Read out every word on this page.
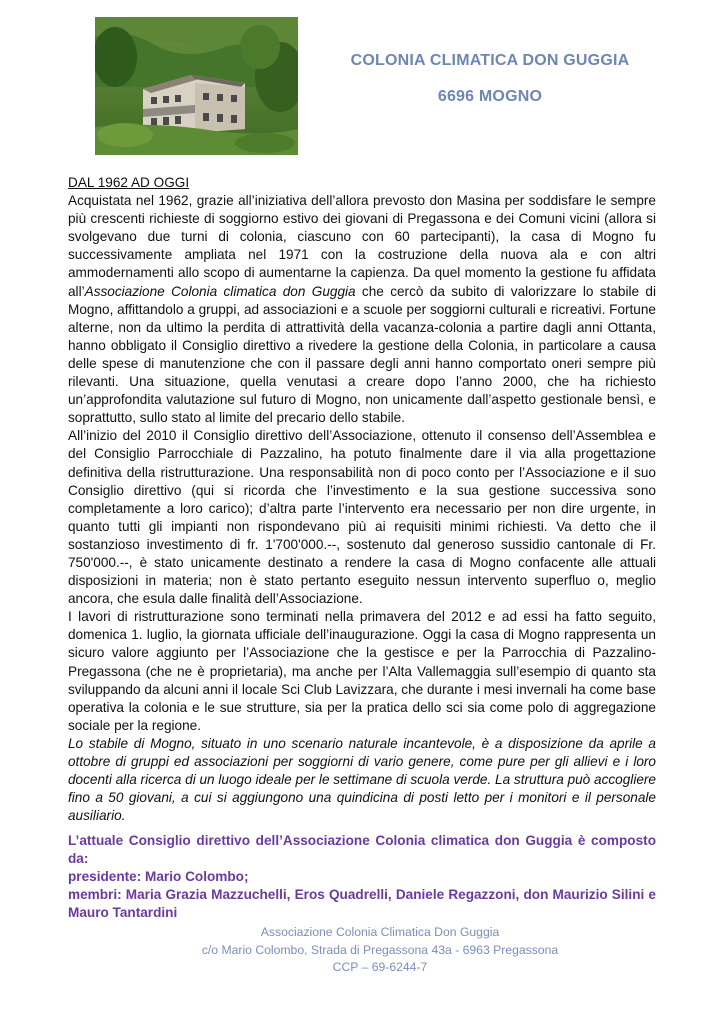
COLONIA CLIMATICA DON GUGGIA
6696 MOGNO

DAL 1962 AD OGGI

Acquistata nel 1962, grazie all’iniziativa dell’allora prevosto don Masina per soddisfare le sempre più crescenti richieste di soggiorno estivo dei giovani di Pregassona e dei Comuni vicini (allora si svolgevano due turni di colonia, ciascuno con 60 partecipanti), la casa di Mogno fu successivamente ampliata nel 1971 con la costruzione della nuova ala e con altri ammodernamenti allo scopo di aumentarne la capienza. Da quel momento la gestione fu affidata all’Associazione Colonia climatica don Guggia che cercò da subito di valorizzare lo stabile di Mogno, affittandolo a gruppi, ad associazioni e a scuole per soggiorni culturali e ricreativi. Fortune alterne, non da ultimo la perdita di attrattività della vacanza-colonia a partire dagli anni Ottanta, hanno obbligato il Consiglio direttivo a rivedere la gestione della Colonia, in particolare a causa delle spese di manutenzione che con il passare degli anni hanno comportato oneri sempre più rilevanti. Una situazione, quella venutasi a creare dopo l’anno 2000, che ha richiesto un’approfondita valutazione sul futuro di Mogno, non unicamente dall’aspetto gestionale bensì, e soprattutto, sullo stato al limite del precario dello stabile.

All’inizio del 2010 il Consiglio direttivo dell’Associazione, ottenuto il consenso dell’Assemblea e del Consiglio Parrocchiale di Pazzalino, ha potuto finalmente dare il via alla progettazione definitiva della ristrutturazione. Una responsabilità non di poco conto per l’Associazione e il suo Consiglio direttivo (qui si ricorda che l’investimento e la sua gestione successiva sono completamente a loro carico); d’altra parte l’intervento era necessario per non dire urgente, in quanto tutti gli impianti non rispondevano più ai requisiti minimi richiesti. Va detto che il sostanzioso investimento di fr. 1'700'000.--, sostenuto dal generoso sussidio cantonale di Fr. 750'000.--, è stato unicamente destinato a rendere la casa di Mogno confacente alle attuali disposizioni in materia; non è stato pertanto eseguito nessun intervento superfluo o, meglio ancora, che esula dalle finalità dell’Associazione.

I lavori di ristrutturazione sono terminati nella primavera del 2012 e ad essi ha fatto seguito, domenica 1. luglio, la giornata ufficiale dell’inaugurazione. Oggi la casa di Mogno rappresenta un sicuro valore aggiunto per l’Associazione che la gestisce e per la Parrocchia di Pazzalino-Pregassona (che ne è proprietaria), ma anche per l’Alta Vallemaggia sull’esempio di quanto sta sviluppando da alcuni anni il locale Sci Club Lavizzara, che durante i mesi invernali ha come base operativa la colonia e le sue strutture, sia per la pratica dello sci sia come polo di aggregazione sociale per la regione.

Lo stabile di Mogno, situato in uno scenario naturale incantevole, è a disposizione da aprile a ottobre di gruppi ed associazioni per soggiorni di vario genere, come pure per gli allievi e i loro docenti alla ricerca di un luogo ideale per le settimane di scuola verde. La struttura può accogliere fino a 50 giovani, a cui si aggiungono una quindicina di posti letto per i monitori e il personale ausiliario.

L’attuale Consiglio direttivo dell’Associazione Colonia climatica don Guggia è composto da:

presidente: Mario Colombo;

membri: Maria Grazia Mazzuchelli, Eros Quadrelli, Daniele Regazzoni, don Maurizio Silini e Mauro Tantardini

Associazione Colonia Climatica Don Guggia
c/o Mario Colombo, Strada di Pregassona 43a - 6963 Pregassona
CCP – 69-6244-7
